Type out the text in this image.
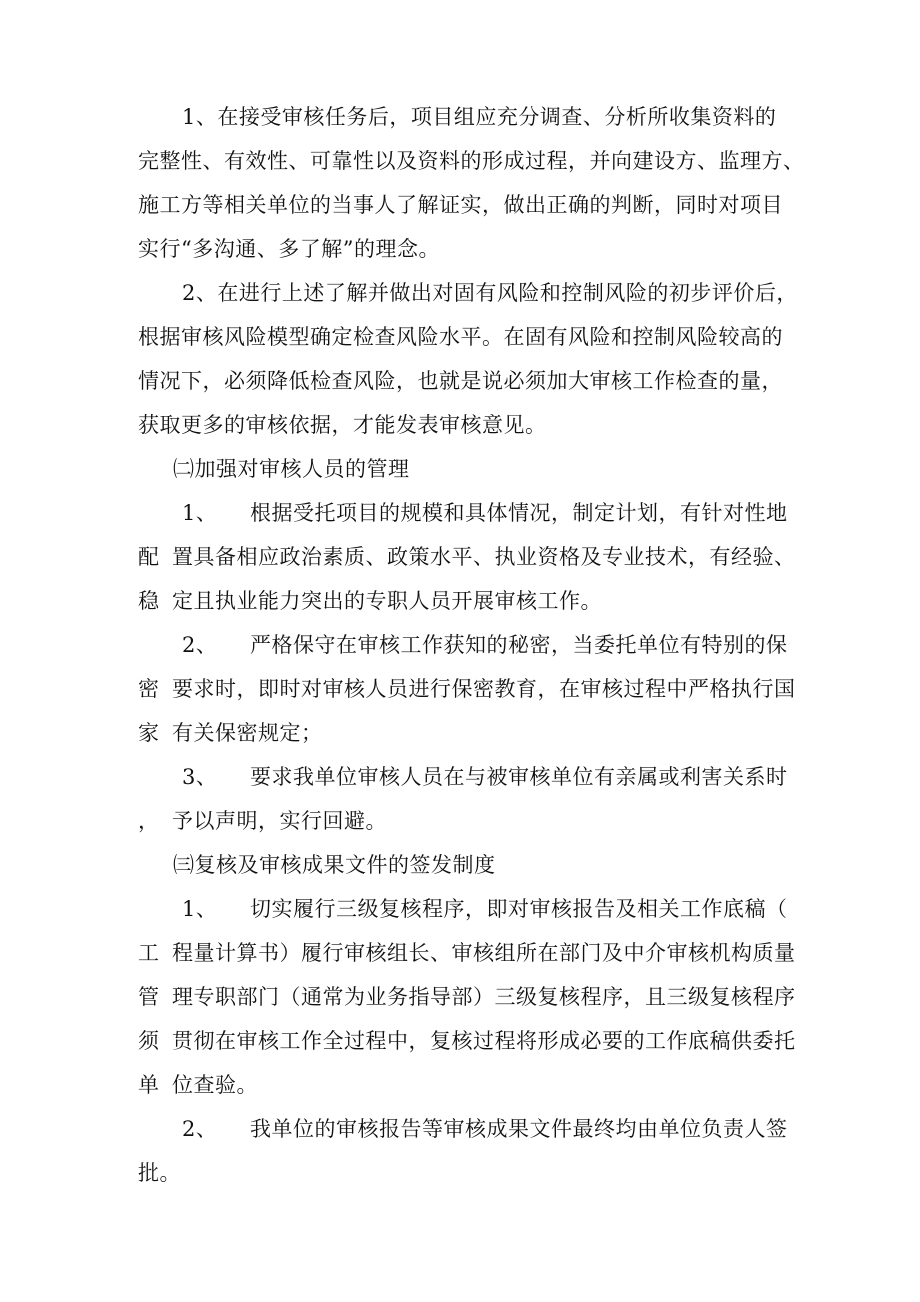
1、在接受审核任务后，项目组应充分调查、分析所收集资料的
完整性、有效性、可靠性以及资料的形成过程，并向建设方、监理方、
施工方等相关单位的当事人了解证实，做出正确的判断，同时对项目
实行“多沟通、多了解”的理念。
2、在进行上述了解并做出对固有风险和控制风险的初步评价后，
根据审核风险模型确定检查风险水平。在固有风险和控制风险较高的
情况下，必须降低检查风险，也就是说必须加大审核工作检查的量，
获取更多的审核依据，才能发表审核意见。
㈡加强对审核人员的管理
1、 根据受托项目的规模和具体情况，制定计划，有针对性地
配 置具备相应政治素质、政策水平、执业资格及专业技术，有经验、
稳 定且执业能力突出的专职人员开展审核工作。
2、 严格保守在审核工作获知的秘密，当委托单位有特别的保
密 要求时，即时对审核人员进行保密教育，在审核过程中严格执行国
家 有关保密规定；
3、 要求我单位审核人员在与被审核单位有亲属或利害关系时
， 予以声明，实行回避。
㈢复核及审核成果文件的签发制度
1、 切实履行三级复核程序，即对审核报告及相关工作底稿（
工 程量计算书）履行审核组长、审核组所在部门及中介审核机构质量
管 理专职部门（通常为业务指导部）三级复核程序，且三级复核程序
须 贯彻在审核工作全过程中，复核过程将形成必要的工作底稿供委托
单 位查验。
2、 我单位的审核报告等审核成果文件最终均由单位负责人签
批。
